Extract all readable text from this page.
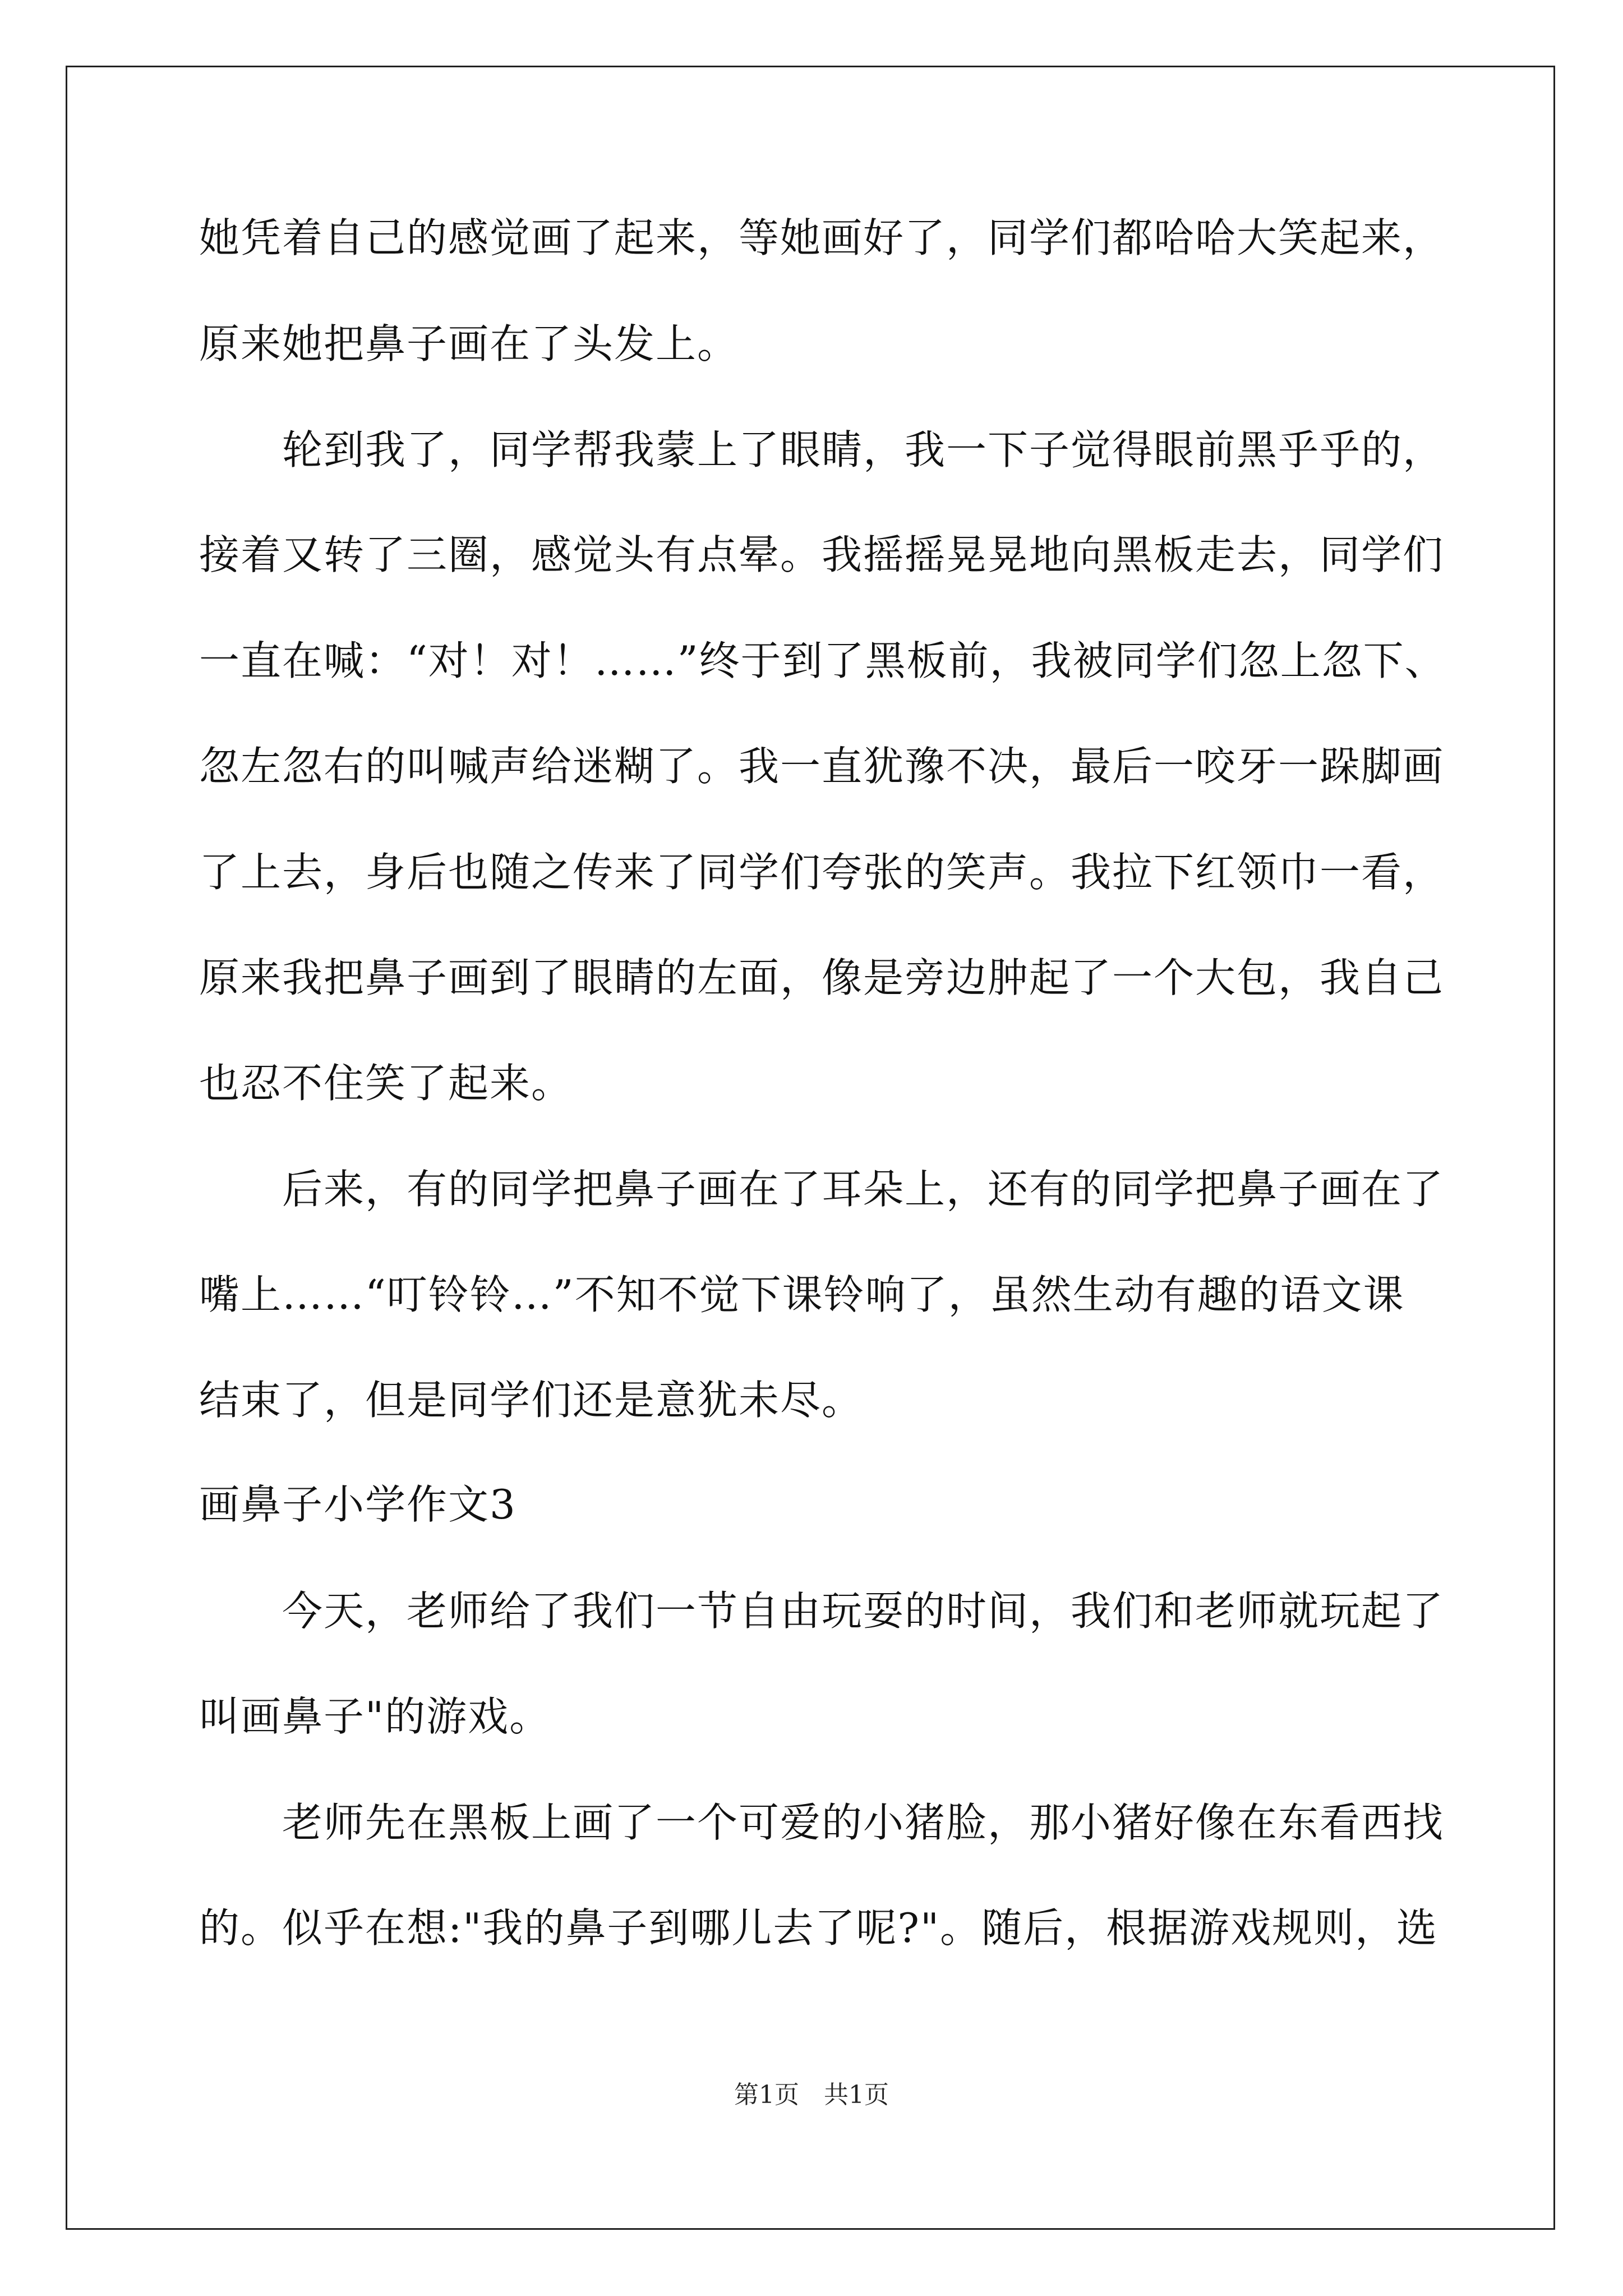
她凭着自己的感觉画了起来，等她画好了，同学们都哈哈大笑起来，
原来她把鼻子画在了头发上。
　　轮到我了，同学帮我蒙上了眼睛，我一下子觉得眼前黑乎乎的，
接着又转了三圈，感觉头有点晕。我摇摇晃晃地向黑板走去，同学们
一直在喊：“对！对！……”终于到了黑板前，我被同学们忽上忽下、
忽左忽右的叫喊声给迷糊了。我一直犹豫不决，最后一咬牙一跺脚画
了上去，身后也随之传来了同学们夸张的笑声。我拉下红领巾一看，
原来我把鼻子画到了眼睛的左面，像是旁边肿起了一个大包，我自己
也忍不住笑了起来。
　　后来，有的同学把鼻子画在了耳朵上，还有的同学把鼻子画在了
嘴上……“叮铃铃…”不知不觉下课铃响了，虽然生动有趣的语文课
结束了，但是同学们还是意犹未尽。
画鼻子小学作文3
　　今天，老师给了我们一节自由玩耍的时间，我们和老师就玩起了
叫画鼻子"的游戏。
　　老师先在黑板上画了一个可爱的小猪脸，那小猪好像在东看西找
的。似乎在想:"我的鼻子到哪儿去了呢?"。随后，根据游戏规则，选
第1页　共1页
